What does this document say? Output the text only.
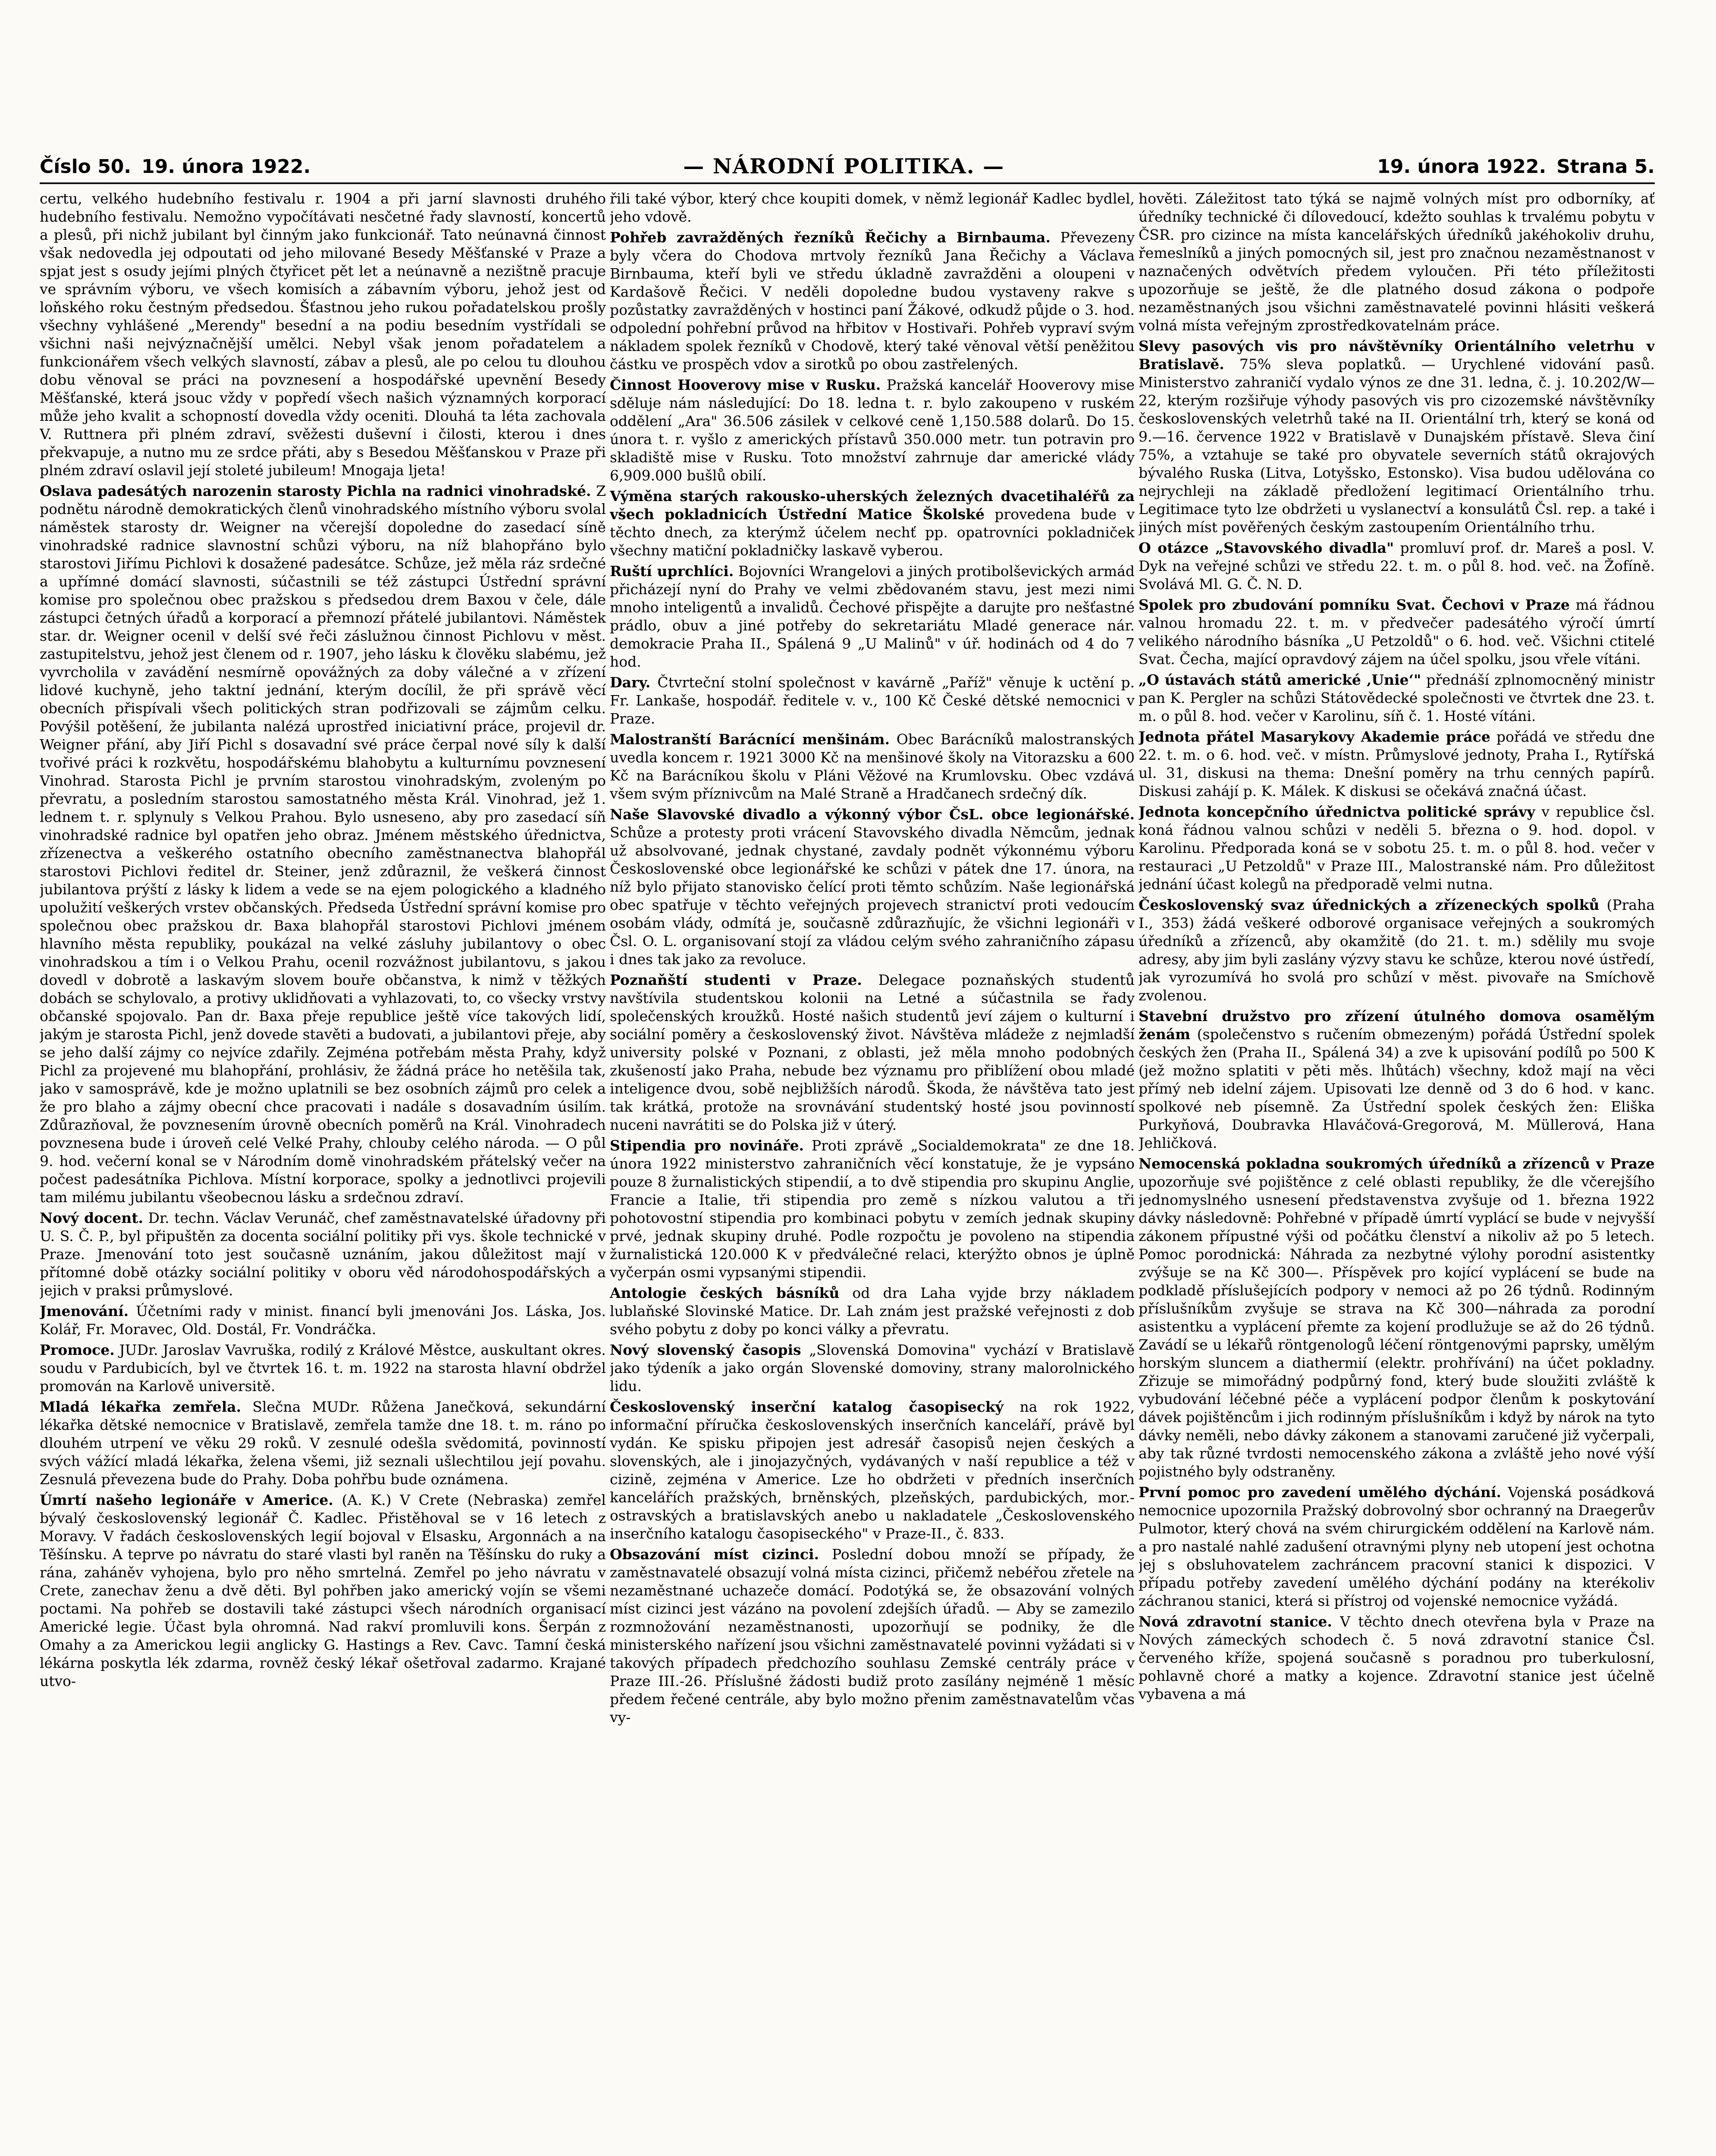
Číslo 50. 19. února 1922.	— NÁRODNÍ POLITIKA. —	19. února 1922. Strana 5.

certu, velkého hudebního festivalu r. 1904 a při jarní slavnosti druhého hudebního festivalu. Nemožno vypočítávati nesčetné řady slavností, koncertů a plesů, při nichž jubilant byl činným jako funkcionář. Tato neúnavná činnost však nedovedla jej odpoutati od jeho milované Besedy Měšťanské v Praze a spjat jest s osudy jejími plných čtyřicet pět let a neúnavně a nezištně pracuje ve správním výboru, ve všech komisích a zábavním výboru, jehož jest od loňského roku čestným předsedou. Šťastnou jeho rukou pořadatelskou prošly všechny vyhlášené „Merendy" besední a na podiu besedním vystřídali se všichni naši nejvýznačnější umělci. Nebyl však jenom pořadatelem a funkcionářem všech velkých slavností, zábav a plesů, ale po celou tu dlouhou dobu věnoval se práci na povznesení a hospodářské upevnění Besedy Měšťanské, která jsouc vždy v popředí všech našich významných korporací může jeho kvalit a schopností dovedla vždy oceniti. Dlouhá ta léta zachovala V. Ruttnera při plném zdraví, svěžesti duševní i čilosti, kterou i dnes překvapuje, a nutno mu ze srdce přáti, aby s Besedou Měšťanskou v Praze při plném zdraví oslavil její stoleté jubileum! Mnogaja ljeta!

Oslava padesátých narozenin starosty Pichla na radnici vinohradské. Z podnětu národně demokratických členů vinohradského místního výboru svolal náměstek starosty dr. Weigner na včerejší dopoledne do zasedací síně vinohradské radnice slavnostní schůzi výboru, na níž blahopřáno bylo starostovi Jiřímu Pichlovi k dosažené padesátce. Schůze, jež měla ráz srdečné a upřímné domácí slavnosti, súčastnili se též zástupci Ústřední správní komise pro společnou obec pražskou s předsedou drem Baxou v čele, dále zástupci četných úřadů a korporací a přemnozí přátelé jubilantovi. Náměstek star. dr. Weigner ocenil v delší své řeči záslužnou činnost Pichlovu v měst. zastupitelstvu, jehož jest členem od r. 1907, jeho lásku k člověku slabému, jež vyvrcholila v zavádění nesmírně opovážných za doby válečné a v zřízení lidové kuchyně, jeho taktní jednání, kterým docílil, že při správě věcí obecních přispívali všech politických stran podřizovali se zájmům celku. Povýšil potěšení, že jubilanta nalézá uprostřed iniciativní práce, projevil dr. Weigner přání, aby Jiří Pichl s dosavadní své práce čerpal nové síly k další tvořivé práci k rozkvětu, hospodářskému blahobytu a kulturnímu povznesení Vinohrad. Starosta Pichl je prvním starostou vinohradským, zvoleným po převratu, a posledním starostou samostatného města Král. Vinohrad, jež 1. lednem t. r. splynuly s Velkou Prahou. Bylo usneseno, aby pro zasedací síň vinohradské radnice byl opatřen jeho obraz. Jménem městského úřednictva, zřízenectva a veškerého ostatního obecního zaměstnanectva blahopřál starostovi Pichlovi ředitel dr. Steiner, jenž zdůraznil, že veškerá činnost jubilantova prýští z lásky k lidem a vede se na ejem pologického a kladného upolužití veškerých vrstev občanských. Předseda Ústřední správní komise pro společnou obec pražskou dr. Baxa blahopřál starostovi Pichlovi jménem hlavního města republiky, poukázal na velké zásluhy jubilantovy o obec vinohradskou a tím i o Velkou Prahu, ocenil rozvážnost jubilantovu, s jakou dovedl v dobrotě a laskavým slovem bouře občanstva, k nimž v těžkých dobách se schylovalo, a protivy uklidňovati a vyhlazovati, to, co všecky vrstvy občanské spojovalo. Pan dr. Baxa přeje republice ještě více takových lidí, jakým je starosta Pichl, jenž dovede stavěti a budovati, a jubilantovi přeje, aby se jeho další zájmy co nejvíce zdařily. Zejména potřebám města Prahy, když Pichl za projevené mu blahopřání, prohlásiv, že žádná práce ho netěšila tak, jako v samosprávě, kde je možno uplatnili se bez osobních zájmů pro celek a že pro blaho a zájmy obecní chce pracovati i nadále s dosavadním úsilím. Zdůrazňoval, že povznesením úrovně obecních poměrů na Král. Vinohradech povznesena bude i úroveň celé Velké Prahy, chlouby celého národa. — O půl 9. hod. večerní konal se v Národním domě vinohradském přátelský večer na počest padesátníka Pichlova. Místní korporace, spolky a jednotlivci projevili tam milému jubilantu všeobecnou lásku a srdečnou zdraví.

Nový docent. Dr. techn. Václav Verunáč, chef zaměstnavatelské úřadovny při U. S. Č. P., byl připuštěn za docenta sociální politiky při vys. škole technické v Praze. Jmenování toto jest současně uznáním, jakou důležitost mají v přítomné době otázky sociální politiky v oboru věd národohospodářských a jejich v praksi průmyslové.

Jmenování. Účetními rady v minist. financí byli jmenováni Jos. Láska, Jos. Kolář, Fr. Moravec, Old. Dostál, Fr. Vondráčka.

Promoce. JUDr. Jaroslav Vavruška, rodilý z Králové Městce, auskultant okres. soudu v Pardubicích, byl ve čtvrtek 16. t. m. 1922 na starosta hlavní obdržel promován na Karlově universitě.

Mladá lékařka zemřela. Slečna MUDr. Růžena Janečková, sekundární lékařka dětské nemocnice v Bratislavě, zemřela tamže dne 18. t. m. ráno po dlouhém utrpení ve věku 29 roků. V zesnulé odešla svědomitá, povinností svých vážící mladá lékařka, želena všemi, již seznali ušlechtilou její povahu. Zesnulá převezena bude do Prahy. Doba pohřbu bude oznámena.

Úmrtí našeho legionáře v Americe. (A. K.) V Crete (Nebraska) zemřel bývalý československý legionář Č. Kadlec. Přistěhoval se v 16 letech z Moravy. V řadách československých legií bojoval v Elsasku, Argonnách a na Těšínsku. A teprve po návratu do staré vlasti byl raněn na Těšínsku do ruky a rána, zaháněv vyhojena, bylo pro něho smrtelná. Zemřel po jeho návratu v Crete, zanechav ženu a dvě děti. Byl pohřben jako americký vojín se všemi poctami. Na pohřeb se dostavili také zástupci všech národních organisací Americké legie. Účast byla ohromná. Nad rakví promluvili kons. Šerpán z Omahy a za Americkou legii anglicky G. Hastings a Rev. Cavc. Tamní česká lékárna poskytla lék zdarma, rovněž český lékař ošetřoval zadarmo. Krajané utvo-

řili také výbor, který chce koupiti domek, v němž legionář Kadlec bydlel, jeho vdově.

Pohřeb zavražděných řezníků Řečichy a Birnbauma. Převezeny byly včera do Chodova mrtvoly řezníků Jana Řečichy a Václava Birnbauma, kteří byli ve středu úkladně zavražděni a oloupeni v Kardašově Řečici. V neděli dopoledne budou vystaveny rakve s pozůstatky zavražděných v hostinci paní Žákové, odkudž půjde o 3. hod. odpolední pohřební průvod na hřbitov v Hostivaři. Pohřeb vypraví svým nákladem spolek řezníků v Chodově, který také věnoval větší peněžitou částku ve prospěch vdov a sirotků po obou zastřelených.

Činnost Hooverovy mise v Rusku. Pražská kancelář Hooverovy mise sděluje nám následující: Do 18. ledna t. r. bylo zakoupeno v ruském oddělení „Ara" 36.506 zásilek v celkové ceně 1,150.588 dolarů. Do 15. února t. r. vyšlo z amerických přístavů 350.000 metr. tun potravin pro skladiště mise v Rusku. Toto množství zahrnuje dar americké vlády 6,909.000 bušlů obilí.

Výměna starých rakousko-uherských železných dvacetihaléřů za všech pokladnicích Ústřední Matice Školské provedena bude v těchto dnech, za kterýmž účelem nechť pp. opatrovníci pokladniček všechny matiční pokladničky laskavě vyberou.

Ruští uprchlíci. Bojovníci Wrangelovi a jiných protibolševických armád přicházejí nyní do Prahy ve velmi zbědovaném stavu, jest mezi nimi mnoho inteligentů a invalidů. Čechové přispějte a darujte pro nešťastné prádlo, obuv a jiné potřeby do sekretariátu Mladé generace nár. demokracie Praha II., Spálená 9 „U Malinů" v úř. hodinách od 4 do 7 hod.

Dary. Čtvrteční stolní společnost v kavárně „Paříž" věnuje k uctění p. Fr. Lankaše, hospodář. ředitele v. v., 100 Kč České dětské nemocnici v Praze.

Malostranští Barácnící menšinám. Obec Barácníků malostranských uvedla koncem r. 1921 3000 Kč na menšinové školy na Vitorazsku a 600 Kč na Barácníkou školu v Pláni Věžové na Krumlovsku. Obec vzdává všem svým příznivcům na Malé Straně a Hradčanech srdečný dík.

Naše Slavovské divadlo a výkonný výbor ČsL. obce legionářské. Schůze a protesty proti vrácení Stavovského divadla Němcům, jednak už absolvované, jednak chystané, zavdaly podnět výkonnému výboru Československé obce legionářské ke schůzi v pátek dne 17. února, na níž bylo přijato stanovisko čelící proti těmto schůzím. Naše legionářská obec spatřuje v těchto veřejných projevech stranictví proti vedoucím osobám vlády, odmítá je, současně zdůrazňujíc, že všichni legionáři v Čsl. O. L. organisovaní stojí za vládou celým svého zahraničního zápasu i dnes tak jako za revoluce.

Poznaňští studenti v Praze. Delegace poznaňských studentů navštívila studentskou kolonii na Letné a súčastnila se řady společenských kroužků. Hosté našich studentů jeví zájem o kulturní i sociální poměry a československý život. Návštěva mládeže z nejmladší university polské v Poznani, z oblasti, jež měla mnoho podobných zkušeností jako Praha, nebude bez významu pro přiblížení obou mladé inteligence dvou, sobě nejbližších národů. Škoda, že návštěva tato jest tak krátká, protože na srovnávání studentský hosté jsou povinností nuceni navrátiti se do Polska již v úterý.

Stipendia pro novináře. Proti zprávě „Socialdemokrata" ze dne 18. února 1922 ministerstvo zahraničních věcí konstatuje, že je vypsáno pouze 8 žurnalistických stipendií, a to dvě stipendia pro skupinu Anglie, Francie a Italie, tři stipendia pro země s nízkou valutou a tři pohotovostní stipendia pro kombinaci pobytu v zemích jednak skupiny prvé, jednak skupiny druhé. Podle rozpočtu je povoleno na stipendia žurnalistická 120.000 K v předválečné relaci, kterýžto obnos je úplně vyčerpán osmi vypsanými stipendii.

Antologie českých básníků od dra Laha vyjde brzy nákladem lublaňské Slovinské Matice. Dr. Lah znám jest pražské veřejnosti z dob svého pobytu z doby po konci války a převratu.

Nový slovenský časopis „Slovenská Domovina" vychází v Bratislavě jako týdeník a jako orgán Slovenské domoviny, strany malorolnického lidu.

Československý inserční katalog časopisecký na rok 1922, informační příručka československých inserčních kanceláří, právě byl vydán. Ke spisku připojen jest adresář časopisů nejen českých a slovenských, ale i jinojazyčných, vydávaných v naší republice a též v cizině, zejména v Americe. Lze ho obdržeti v předních inserčních kancelářích pražských, brněnských, plzeňských, pardubických, mor.-ostravských a bratislavských anebo u nakladatele „Československého inserčního katalogu časopiseckého" v Praze-II., č. 833.

Obsazování míst cizinci. Poslední dobou množí se případy, že zaměstnavatelé obsazují volná místa cizinci, přičemž nebéřou zřetele na nezaměstnané uchazeče domácí. Podotýká se, že obsazování volných míst cizinci jest vázáno na povolení zdejších úřadů. — Aby se zamezilo rozmnožování nezaměstnanosti, upozorňují se podniky, že dle ministerského nařízení jsou všichni zaměstnavatelé povinni vyžádati si v takových případech předchozího souhlasu Zemské centrály práce v Praze III.-26. Příslušné žádosti budiž proto zasílány nejméně 1 měsíc předem řečené centrále, aby bylo možno přenim zaměstnavatelům včas vy-

hověti. Záležitost tato týká se najmě volných míst pro odborníky, ať úředníky technické či dílovedoucí, kdežto souhlas k trvalému pobytu v ČSR. pro cizince na místa kancelářských úředníků jakéhokoliv druhu, řemeslníků a jiných pomocných sil, jest pro značnou nezaměstnanost v naznačených odvětvích předem vyloučen. Při této příležitosti upozorňuje se ještě, že dle platného dosud zákona o podpoře nezaměstnaných jsou všichni zaměstnavatelé povinni hlásiti veškerá volná místa veřejným zprostředkovatelnám práce.

Slevy pasových vis pro návštěvníky Orientálního veletrhu v Bratislavě. 75% sleva poplatků. — Urychlené vidování pasů. Ministerstvo zahraničí vydalo výnos ze dne 31. ledna, č. j. 10.202/W—22, kterým rozšiřuje výhody pasových vis pro cizozemské návštěvníky československých veletrhů také na II. Orientální trh, který se koná od 9.—16. července 1922 v Bratislavě v Dunajském přístavě. Sleva činí 75%, a vztahuje se také pro obyvatele severních států okrajových bývalého Ruska (Litva, Lotyšsko, Estonsko). Visa budou udělována co nejrychleji na základě předložení legitimací Orientálního trhu. Legitimace tyto lze obdržeti u vyslanectví a konsulátů Čsl. rep. a také i jiných míst pověřených českým zastoupením Orientálního trhu.

O otázce „Stavovského divadla" promluví prof. dr. Mareš a posl. V. Dyk na veřejné schůzi ve středu 22. t. m. o půl 8. hod. več. na Žofíně. Svolává Ml. G. Č. N. D.

Spolek pro zbudování pomníku Svat. Čechovi v Praze má řádnou valnou hromadu 22. t. m. v předvečer padesátého výročí úmrtí velikého národního básníka „U Petzoldů" o 6. hod. več. Všichni ctitelé Svat. Čecha, mající opravdový zájem na účel spolku, jsou vřele vítáni.

„O ústavách států americké ‚Unie‘" přednáší zplnomocněný ministr pan K. Pergler na schůzi Státovědecké společnosti ve čtvrtek dne 23. t. m. o půl 8. hod. večer v Karolinu, síň č. 1. Hosté vítáni.

Jednota přátel Masarykovy Akademie práce pořádá ve středu dne 22. t. m. o 6. hod. več. v místn. Průmyslové jednoty, Praha I., Rytířská ul. 31, diskusi na thema: Dnešní poměry na trhu cenných papírů. Diskusi zahájí p. K. Málek. K diskusi se očekává značná účast.

Jednota koncepčního úřednictva politické správy v republice čsl. koná řádnou valnou schůzi v neděli 5. března o 9. hod. dopol. v Karolinu. Předporada koná se v sobotu 25. t. m. o půl 8. hod. večer v restauraci „U Petzoldů" v Praze III., Malostranské nám. Pro důležitost jednání účast kolegů na předporadě velmi nutna.

Československý svaz úřednických a zřízeneckých spolků (Praha I., 353) žádá veškeré odborové organisace veřejných a soukromých úředníků a zřízenců, aby okamžitě (do 21. t. m.) sdělily mu svoje adresy, aby jim byli zaslány výzvy stavu ke schůze, kterou nové ústředí, jak vyrozumívá ho svolá pro schůzí v měst. pivovaře na Smíchově zvolenou.

Stavební družstvo pro zřízení útulného domova osamělým ženám (společenstvo s ručením obmezeným) pořádá Ústřední spolek českých žen (Praha II., Spálená 34) a zve k upisování podílů po 500 K (jež možno splatiti v pěti měs. lhůtách) všechny, kdož mají na věci přímý neb idelní zájem. Upisovati lze denně od 3 do 6 hod. v kanc. spolkové neb písemně. Za Ústřední spolek českých žen: Eliška Purkyňová, Doubravka Hlaváčová-Gregorová, M. Müllerová, Hana Jehličková.

Nemocenská pokladna soukromých úředníků a zřízenců v Praze upozorňuje své pojištěnce z celé oblasti republiky, že dle včerejšího jednomyslného usnesení představenstva zvyšuje od 1. března 1922 dávky následovně: Pohřebné v případě úmrtí vyplácí se bude v nejvyšší zákonem přípustné výši od počátku členství a nikoliv až po 5 letech. Pomoc porodnická: Náhrada za nezbytné výlohy porodní asistentky zvýšuje se na Kč 300—. Příspěvek pro kojící vyplácení se bude na podkladě příslušejících podpory v nemoci až po 26 týdnů. Rodinným příslušníkům zvyšuje se strava na Kč 300—náhrada za porodní asistentku a vyplácení přemte za kojení prodlužuje se až do 26 týdnů. Zavádí se u lékařů röntgenologů léčení röntgenovými paprsky, umělým horským sluncem a diathermií (elektr. prohřívání) na účet pokladny. Zřizuje se mimořádný podpůrný fond, který bude sloužiti zvláště k vybudování léčebné péče a vyplácení podpor členům k poskytování dávek pojištěncům i jich rodinným příslušníkům i když by nárok na tyto dávky neměli, nebo dávky zákonem a stanovami zaručené již vyčerpali, aby tak různé tvrdosti nemocenského zákona a zvláště jeho nové výší pojistného byly odstraněny.

První pomoc pro zavedení umělého dýchání. Vojenská posádková nemocnice upozornila Pražský dobrovolný sbor ochranný na Draegerův Pulmotor, který chová na svém chirurgickém oddělení na Karlově nám. a pro nastalé nahlé zadušení otravnými plyny neb utopení jest ochotna jej s obsluhovatelem zachráncem pracovní stanici k dispozici. V případu potřeby zavedení umělého dýchání podány na kterékoliv záchranou stanici, která si přístroj od vojenské nemocnice vyžádá.

Nová zdravotní stanice. V těchto dnech otevřena byla v Praze na Nových zámeckých schodech č. 5 nová zdravotní stanice Čsl. červeného kříže, spojená současně s poradnou pro tuberkulosní, pohlavně choré a matky a kojence. Zdravotní stanice jest účelně vybavena a má
